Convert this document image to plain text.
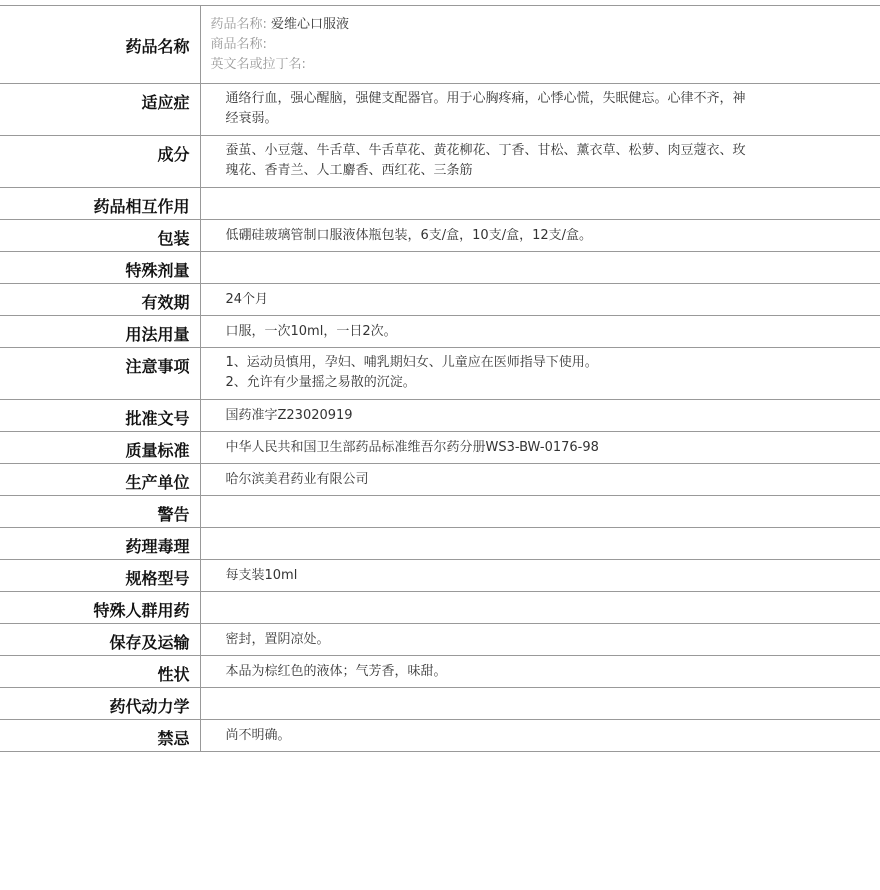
药品名称	药品名称: 爱维心口服液
商品名称:
英文名或拉丁名:

适应症	通络行血，强心醒脑，强健支配器官。用于心胸疼痛，心悸心慌，失眠健忘。心律不齐，神
经衰弱。

成分	蚕茧、小豆蔻、牛舌草、牛舌草花、黄花柳花、丁香、甘松、薰衣草、松萝、肉豆蔻衣、玫
瑰花、香青兰、人工麝香、西红花、三条筋

药品相互作用	
包装	低硼硅玻璃管制口服液体瓶包装，6支/盒，10支/盒，12支/盒。
特殊剂量	
有效期	24个月
用法用量	口服，一次10ml，一日2次。
注意事项	1、运动员慎用，孕妇、哺乳期妇女、儿童应在医师指导下使用。
2、允许有少量摇之易散的沉淀。

批准文号	国药准字Z23020919
质量标准	中华人民共和国卫生部药品标准维吾尔药分册WS3-BW-0176-98
生产单位	哈尔滨美君药业有限公司
警告	
药理毒理	
规格型号	每支装10ml
特殊人群用药	
保存及运输	密封，置阴凉处。
性状	本品为棕红色的液体；气芳香，味甜。
药代动力学	
禁忌	尚不明确。
